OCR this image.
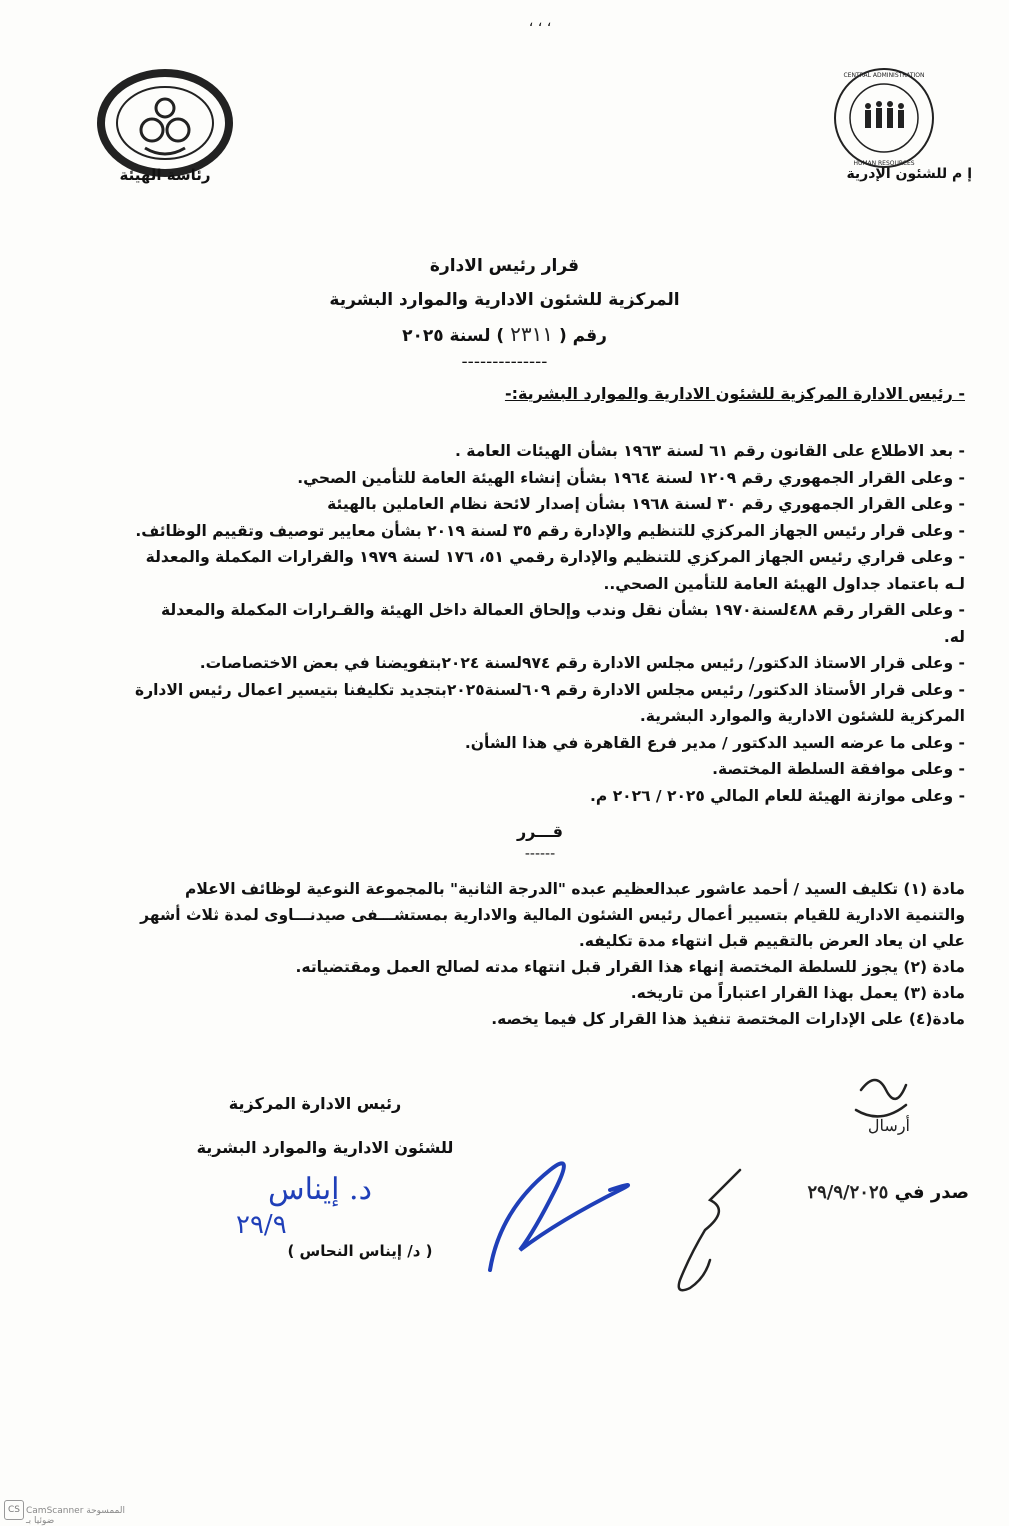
، ، ،
رئاسة الهيئة
CENTRAL ADMINISTRATION
HUMAN RESOURCES
إ م للشئون الإدرية
قرار رئيس الادارة
المركزية للشئون الادارية والموارد البشرية
رقم ( ٢٣١١ ) لسنة ٢٠٢٥
--------------
- رئيس الادارة المركزية للشئون الادارية والموارد البشرية:-

- بعد الاطلاع على القانون رقم ٦١ لسنة ١٩٦٣ بشأن الهيئات العامة .

- وعلى القرار الجمهوري رقم ١٢٠٩ لسنة ١٩٦٤ بشأن إنشاء الهيئة العامة للتأمين الصحي.

- وعلى القرار الجمهوري رقم ٣٠ لسنة ١٩٦٨ بشأن إصدار لائحة نظام العاملين بالهيئة

- وعلى قرار رئيس الجهاز المركزي للتنظيم والإدارة رقم ٣٥ لسنة ٢٠١٩ بشأن معايير توصيف وتقييم الوظائف.

- وعلى قراري رئيس الجهاز المركزي للتنظيم والإدارة رقمي ٥١، ١٧٦ لسنة ١٩٧٩ والقرارات المكملة والمعدلة لـه باعتماد جداول الهيئة العامة للتأمين الصحي..

- وعلى القرار رقم ٤٨٨لسنة١٩٧٠ بشأن نقل وندب وإلحاق العمالة داخل الهيئة والقـرارات المكملة والمعدلة له.

- وعلى قرار الاستاذ الدكتور/ رئيس مجلس الادارة رقم ٩٧٤لسنة ٢٠٢٤بتفويضنا في بعض الاختصاصات.

- وعلى قرار الأستاذ الدكتور/ رئيس مجلس الادارة رقم ٦٠٩لسنة٢٠٢٥بتجديد تكليفنا بتيسير اعمال رئيس الادارة المركزية للشئون الادارية والموارد البشرية.

- وعلى ما عرضه السيد الدكتور / مدير فرع القاهرة في هذا الشأن.

- وعلى موافقة السلطة المختصة.

- وعلى موازنة الهيئة للعام المالي ٢٠٢٥ / ٢٠٢٦ م.

قـــرر
------

مادة (١) تكليف السيد / أحمد عاشور عبدالعظيم عبده "الدرجة الثانية" بالمجموعة النوعية لوظائف الاعلام والتنمية الادارية للقيام بتسيير أعمال رئيس الشئون المالية والادارية بمستشـــفى صيدنـــاوى لمدة ثلاث أشهر علي ان يعاد العرض بالتقييم قبل انتهاء مدة تكليفه.

مادة (٢) يجوز للسلطة المختصة إنهاء هذا القرار قبل انتهاء مدته لصالح العمل ومقتضياته.

مادة (٣) يعمل بهذا القرار اعتباراً من تاريخه.

مادة(٤) على الإدارات المختصة تنفيذ هذا القرار كل فيما يخصه.

رئيس الادارة المركزية
للشئون الادارية والموارد البشرية
د. إيناس
٢٩/٩
( د/ إيناس النحاس )
أرسال
صدر في ٢٩/٩/٢٠٢٥
CS CamScanner الممسوحة ضوئيا بـ
